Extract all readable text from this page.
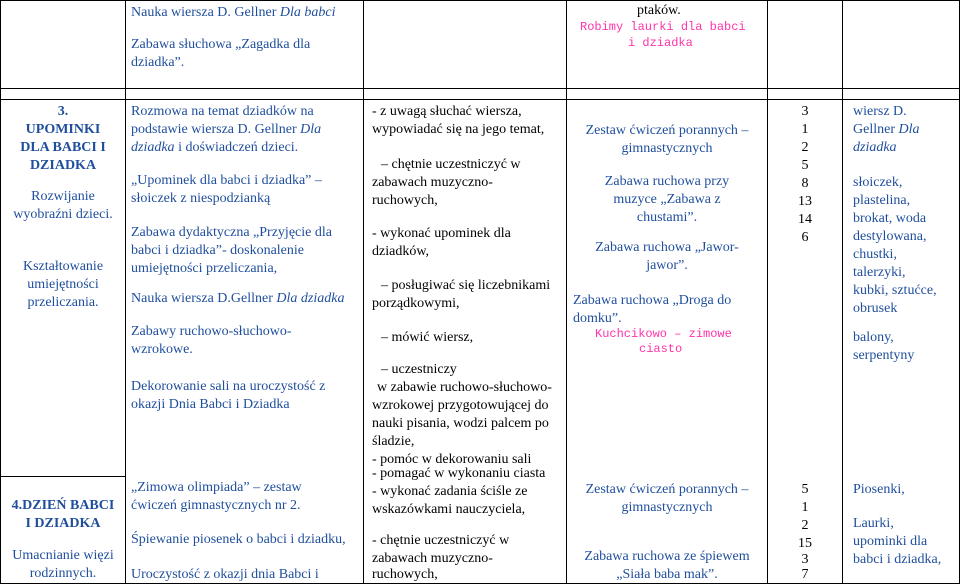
Nauka wiersza D. Gellner Dla babci
Zabawa słuchowa „Zagadka dla
dziadka”.
ptaków.
Robimy laurki dla babci
i dziadka
3.
UPOMINKI
DLA BABCI I
DZIADKA
Rozwijanie
wyobraźni dzieci.
Kształtowanie
umiejętności
przeliczania.
4.DZIEŃ BABCI
I DZIADKA
Umacnianie więzi
rodzinnych.
Rozmowa na temat dziadków na
podstawie wiersza D. Gellner Dla
dziadka i doświadczeń dzieci.
„Upominek dla babci i dziadka” –
słoiczek z niespodzianką
Zabawa dydaktyczna „Przyjęcie dla
babci i dziadka”- doskonalenie
umiejętności przeliczania,
Nauka wiersza D.Gellner Dla dziadka
Zabawy ruchowo-słuchowo-
wzrokowe.
Dekorowanie sali na uroczystość z
okazji Dnia Babci i Dziadka
„Zimowa olimpiada” – zestaw
ćwiczeń gimnastycznych nr 2.
Śpiewanie piosenek o babci i dziadku,
Uroczystość z okazji dnia Babci i
- z uwagą słuchać wiersza,
wypowiadać się na jego temat,
– chętnie uczestniczyć w
zabawach muzyczno-
ruchowych,
- wykonać upominek dla
dziadków,
– posługiwać się liczebnikami
porządkowymi,
– mówić wiersz,
– uczestniczy
w zabawie ruchowo-słuchowo-
wzrokowej przygotowującej do
nauki pisania, wodzi palcem po
śladzie,
- pomóc w dekorowaniu sali
- pomagać w wykonaniu ciasta
- wykonać zadania ściśle ze
wskazówkami nauczyciela,
- chętnie uczestniczyć w
zabawach muzyczno-
ruchowych,
Zestaw ćwiczeń porannych –
gimnastycznych
Zabawa ruchowa przy
muzyce „Zabawa z
chustami”.
Zabawa ruchowa „Jawor-
jawor”.
Zabawa ruchowa „Droga do
domku”.
Kuchcikowo – zimowe
ciasto
Zestaw ćwiczeń porannych –
gimnastycznych
Zabawa ruchowa ze śpiewem
„Siała baba mak”.
3
1
2
5
8
13
14
6
5
1
2
15
3
7
wiersz D.
Gellner Dla
dziadka
słoiczek,
plastelina,
brokat, woda
destylowana,
chustki,
talerzyki,
kubki, sztućce,
obrusek
balony,
serpentyny
Piosenki,
Laurki,
upominki dla
babci i dziadka,
